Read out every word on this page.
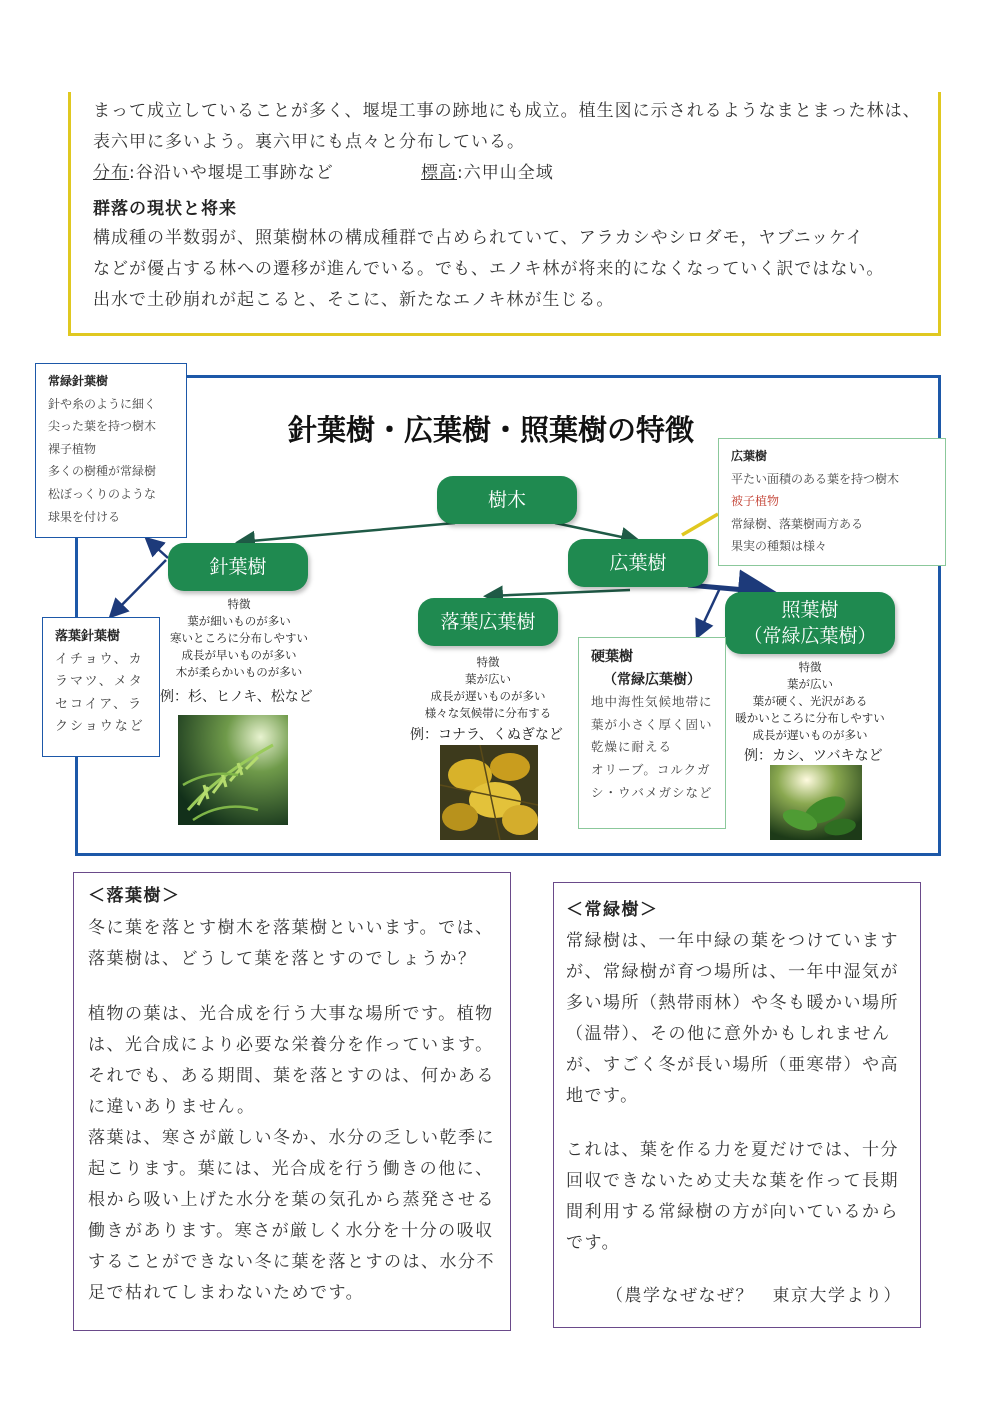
まって成立していることが多く、堰堤工事の跡地にも成立。植生図に示されるようなまとまった林は、
表六甲に多いよう。裏六甲にも点々と分布している。
分布:谷沿いや堰堤工事跡など	標高:六甲山全域
群落の現状と将来
構成種の半数弱が、照葉樹林の構成種群で占められていて、アラカシやシロダモ，ヤブニッケイ
などが優占する林への遷移が進んでいる。でも、エノキ林が将来的になくなっていく訳ではない。
出水で土砂崩れが起こると、そこに、新たなエノキ林が生じる。
針葉樹・広葉樹・照葉樹の特徴
樹木
針葉樹	広葉樹
落葉広葉樹
照葉樹
（常緑広葉樹）
常緑針葉樹
針や糸のように細く
尖った葉を持つ樹木
裸子植物
多くの樹種が常緑樹
松ぼっくりのような
球果を付ける
落葉針葉樹
イチョウ、カ
ラマツ、メタ
セコイア、ラ
クショウなど
広葉樹
平たい面積のある葉を持つ樹木
被子植物
常緑樹、落葉樹両方ある
果実の種類は様々
硬葉樹
（常緑広葉樹）
地中海性気候地帯に
葉が小さく厚く固い
乾燥に耐える
オリーブ。コルクガ
シ・ウバメガシなど
特徴
葉が細いものが多い
寒いところに分布しやすい
成長が早いものが多い
木が柔らかいものが多い
例：杉、ヒノキ、松など
特徴
葉が広い
成長が遅いものが多い
様々な気候帯に分布する
例：コナラ、くぬぎなど
特徴
葉が広い
葉が硬く、光沢がある
暖かいところに分布しやすい
成長が遅いものが多い
例：カシ、ツバキなど
＜落葉樹＞
冬に葉を落とす樹木を落葉樹といいます。では、
落葉樹は、どうして葉を落とすのでしょうか？
植物の葉は、光合成を行う大事な場所です。植物
は、光合成により必要な栄養分を作っています。
それでも、ある期間、葉を落とすのは、何かある
に違いありません。
落葉は、寒さが厳しい冬か、水分の乏しい乾季に
起こります。葉には、光合成を行う働きの他に、
根から吸い上げた水分を葉の気孔から蒸発させる
働きがあります。寒さが厳しく水分を十分の吸収
することができない冬に葉を落とすのは、水分不
足で枯れてしまわないためです。
＜常緑樹＞
常緑樹は、一年中緑の葉をつけています
が、常緑樹が育つ場所は、一年中湿気が
多い場所（熱帯雨林）や冬も暖かい場所
（温帯）、その他に意外かもしれません
が、すごく冬が長い場所（亜寒帯）や高
地です。
これは、葉を作る力を夏だけでは、十分
回収できないため丈夫な葉を作って長期
間利用する常緑樹の方が向いているから
です。
（農学なぜなぜ？　東京大学より）
